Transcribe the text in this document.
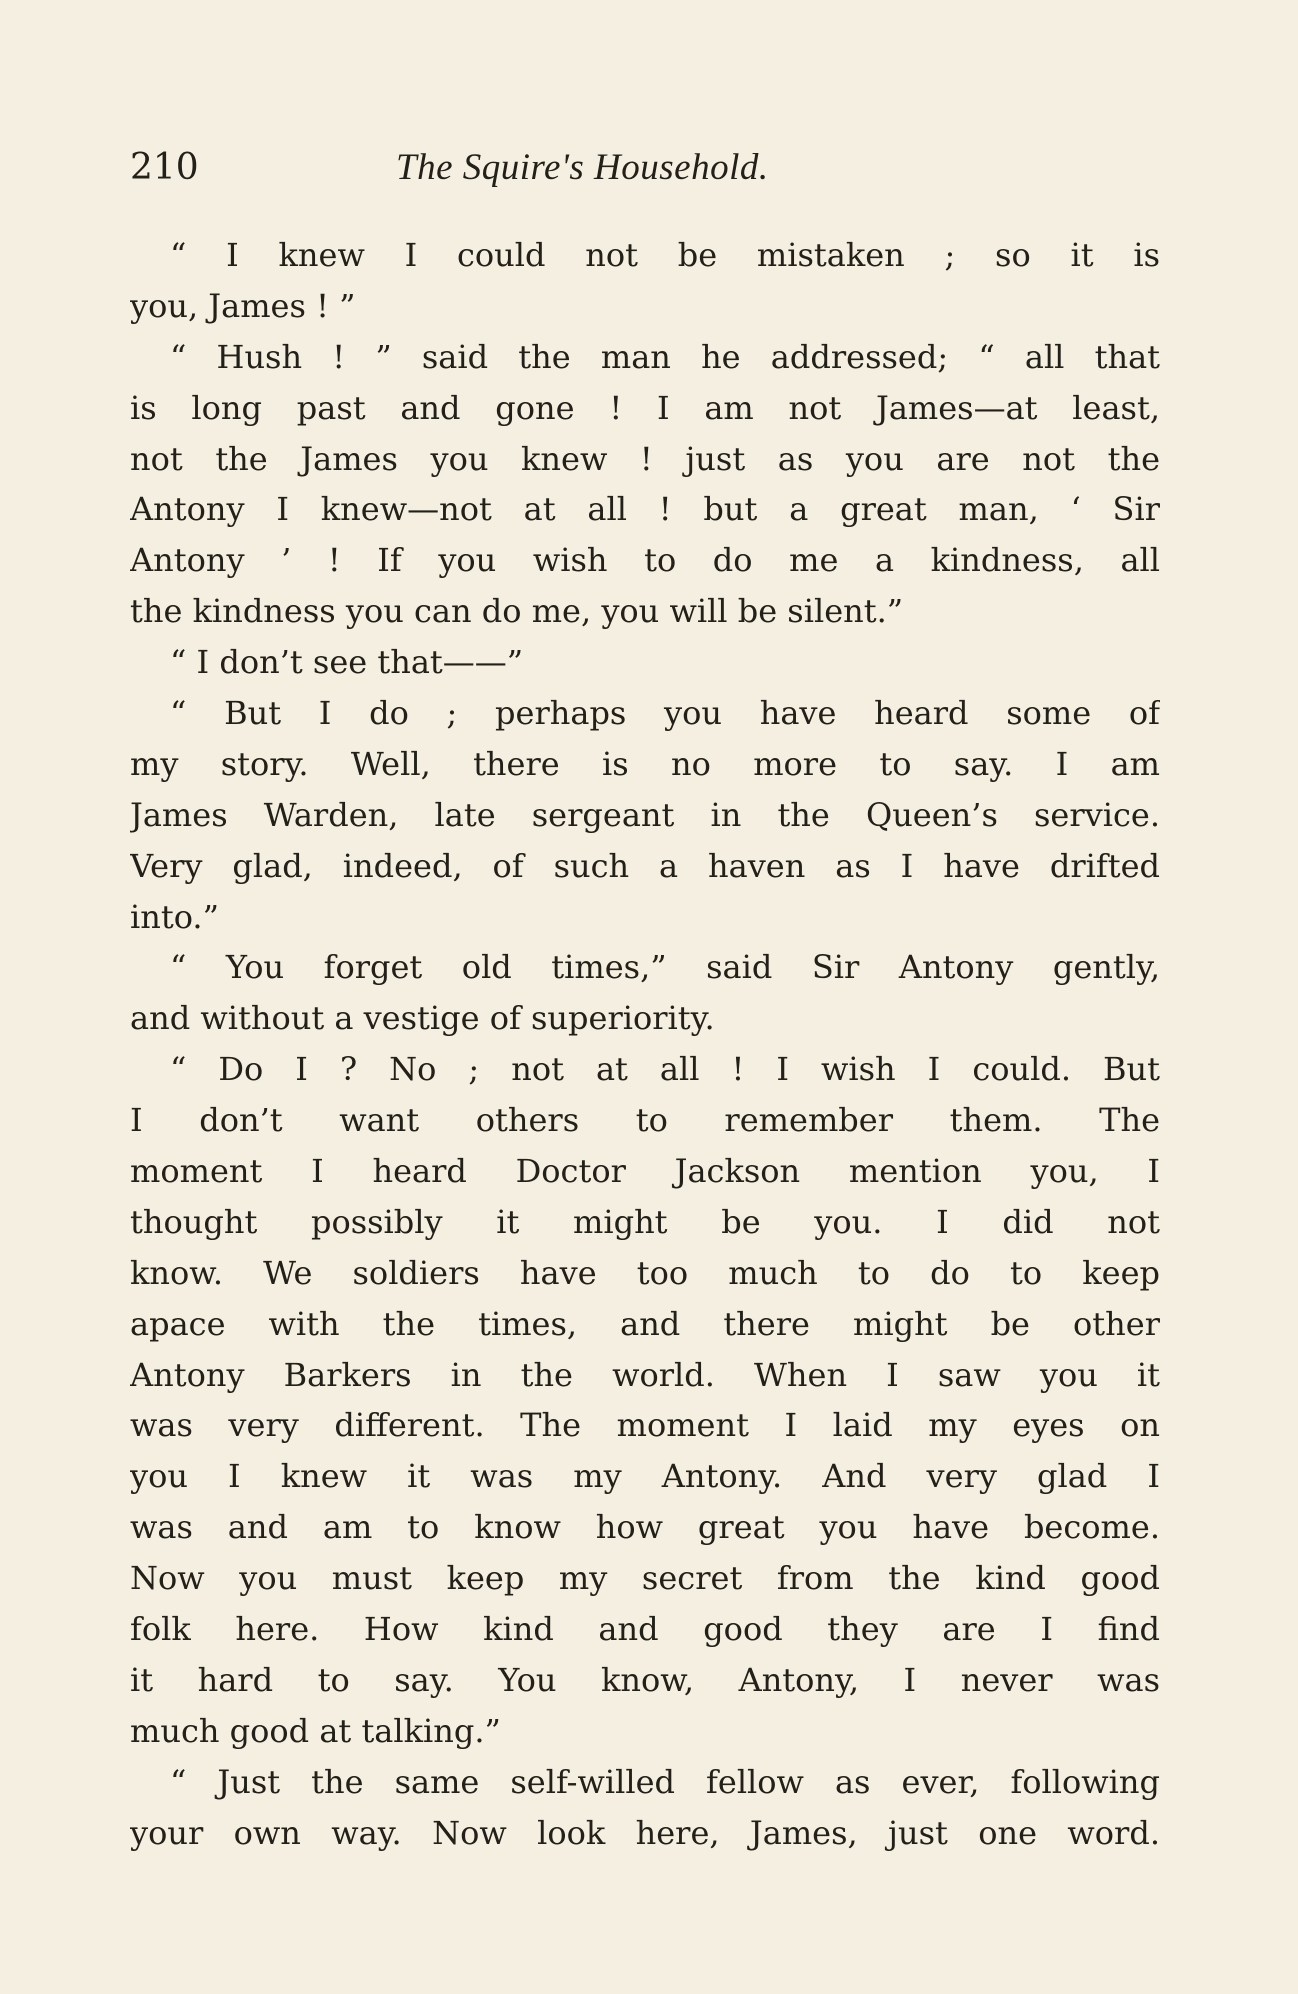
210	The Squire's Household.
“ I knew I could not be mistaken ; so it is
you, James ! ”
“ Hush ! ” said the man he addressed; “ all that
is long past and gone ! I am not James—at least,
not the James you knew ! just as you are not the
Antony I knew—not at all ! but a great man, ‘ Sir
Antony ’ ! If you wish to do me a kindness, all
the kindness you can do me, you will be silent.”
“ I don’t see that——”
“ But I do ; perhaps you have heard some of
my story. Well, there is no more to say. I am
James Warden, late sergeant in the Queen’s service.
Very glad, indeed, of such a haven as I have drifted
into.”
“ You forget old times,” said Sir Antony gently,
and without a vestige of superiority.
“ Do I ? No ; not at all ! I wish I could. But
I don’t want others to remember them. The
moment I heard Doctor Jackson mention you, I
thought possibly it might be you. I did not
know. We soldiers have too much to do to keep
apace with the times, and there might be other
Antony Barkers in the world. When I saw you it
was very different. The moment I laid my eyes on
you I knew it was my Antony. And very glad I
was and am to know how great you have become.
Now you must keep my secret from the kind good
folk here. How kind and good they are I find
it hard to say. You know, Antony, I never was
much good at talking.”
“ Just the same self-willed fellow as ever, following
your own way. Now look here, James, just one word.
